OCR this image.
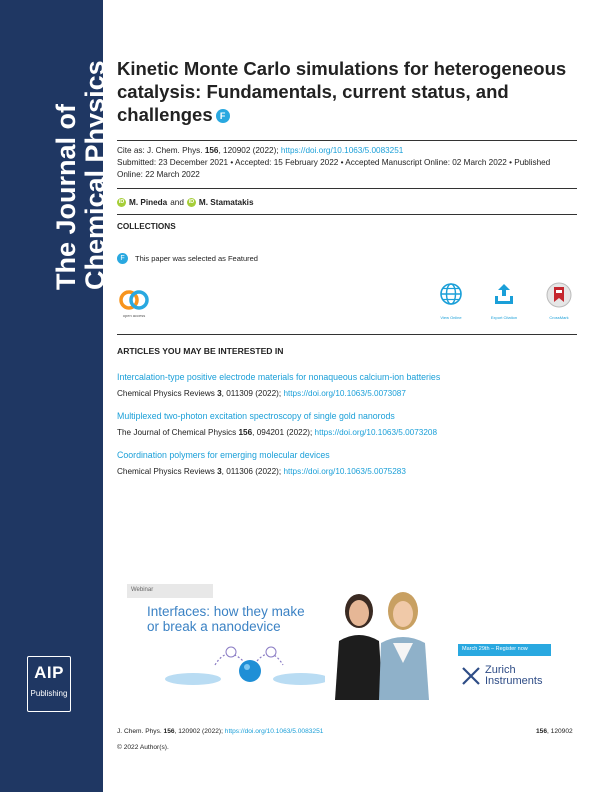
The Journal of Chemical Physics
AIP
Publishing
Kinetic Monte Carlo simulations for heterogeneous catalysis: Fundamentals, current status, and challenges F
Cite as: J. Chem. Phys. 156, 120902 (2022); https://doi.org/10.1063/5.0083251
Submitted: 23 December 2021 • Accepted: 15 February 2022 • Accepted Manuscript Online: 02 March 2022 • Published Online: 22 March 2022
iD M. Pineda and iD M. Stamatakis
COLLECTIONS
F	This paper was selected as Featured
open access	View Online	Export Citation	CrossMark
ARTICLES YOU MAY BE INTERESTED IN
Intercalation-type positive electrode materials for nonaqueous calcium-ion batteries
Chemical Physics Reviews 3, 011309 (2022); https://doi.org/10.1063/5.0073087
Multiplexed two-photon excitation spectroscopy of single gold nanorods
The Journal of Chemical Physics 156, 094201 (2022); https://doi.org/10.1063/5.0073208
Coordination polymers for emerging molecular devices
Chemical Physics Reviews 3, 011306 (2022); https://doi.org/10.1063/5.0075283
Webinar
Interfaces: how they make
or break a nanodevice
March 29th – Register now
Zurich
Instruments
J. Chem. Phys. 156, 120902 (2022); https://doi.org/10.1063/5.0083251	156, 120902
© 2022 Author(s).
